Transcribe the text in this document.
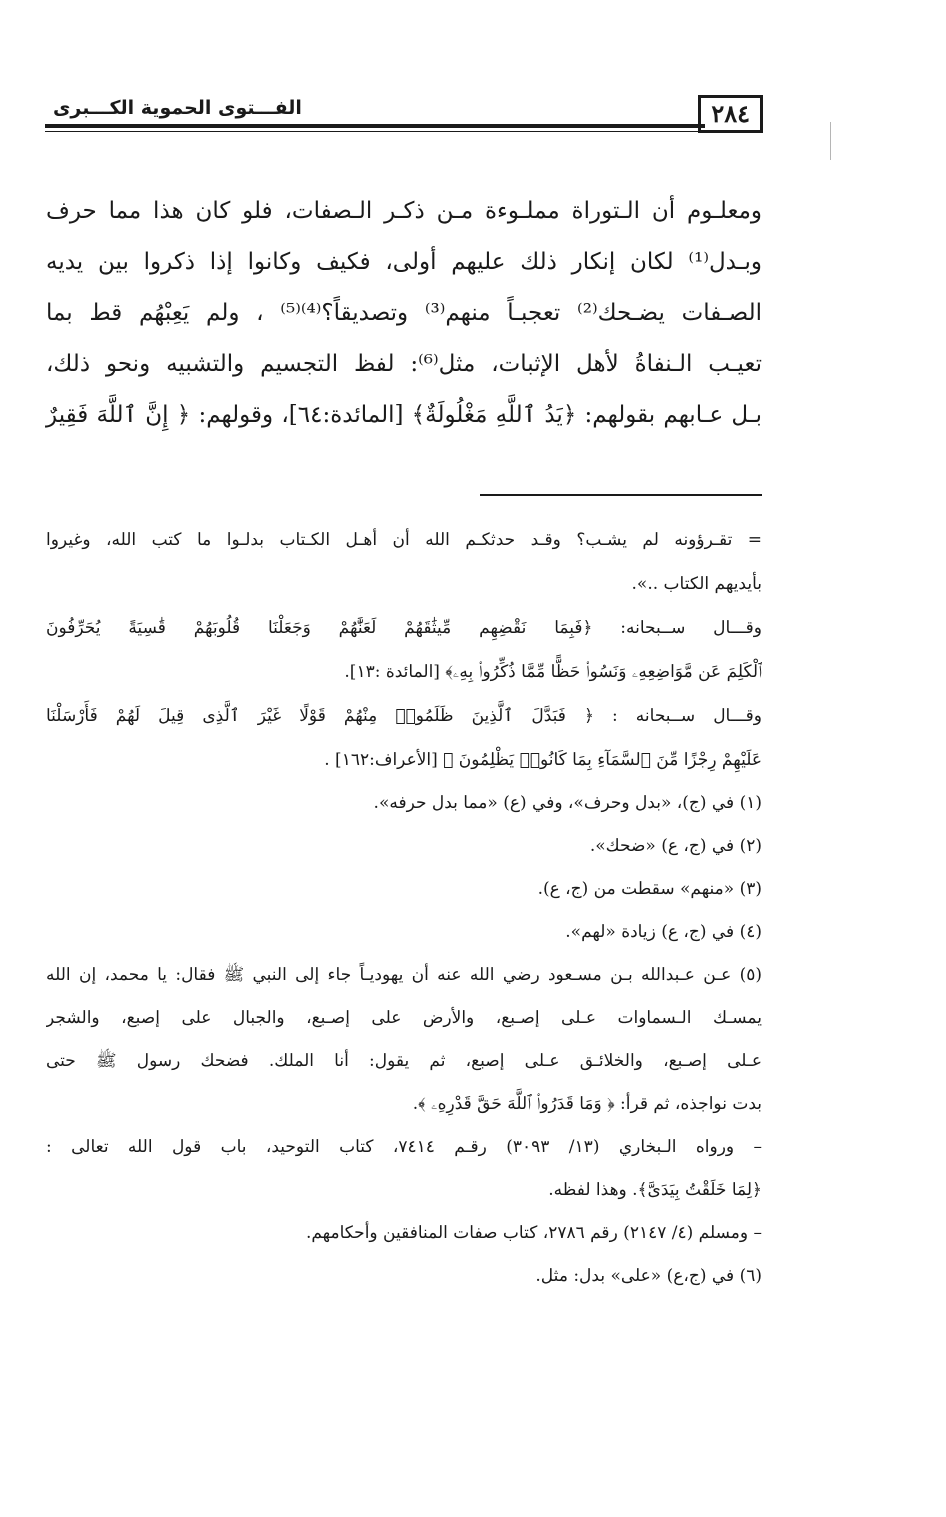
٢٨٤
الفـــتوى الحموية الكـــبرى
ومعلـوم أن الـتوراة مملـوءة مـن ذكـر الـصفات، فلو كان هذا مما حرف
وبـدل⁽¹⁾ لكان إنكار ذلك عليهم أولى، فكيف وكانوا إذا ذكروا بين يديه
الصـفات يضـحك⁽²⁾ تعجبـاً منهم⁽³⁾ وتصديقاً؟⁽⁴⁾⁽⁵⁾ ، ولم يَعِبْهُم قط بما
تعيـب الـنفاةُ لأهل الإثبات، مثل⁽⁶⁾: لفظ التجسيم والتشبيه ونحو ذلك،
بـل عـابهم بقولهم: ﴿يَدُ ٱللَّهِ مَغْلُولَةٌ﴾ [المائدة:٦٤]، وقولهم: ﴿ إِنَّ ٱللَّهَ فَقِيرٌ
= تقـرؤونه لم يشـب؟ وقـد حدثكـم الله أن أهـل الكـتاب بدلـوا ما كتب الله، وغيروا
بأيديهم الكتاب ..».
وقـــال ســبحانه: ﴿فَبِمَا نَقْضِهِم مِّيثَٰقَهُمْ لَعَنَّٰهُمْ وَجَعَلْنَا قُلُوبَهُمْ قَٰسِيَةً يُحَرِّفُونَ
ٱلْكَلِمَ عَن مَّوَاضِعِهِۦ وَنَسُوا۟ حَظًّا مِّمَّا ذُكِّرُوا۟ بِهِۦ﴾ [المائدة :١٣].
وقـــال ســبحانه : ﴿ فَبَدَّلَ ٱلَّذِينَ ظَلَمُوا۟ مِنْهُمْ قَوْلًا غَيْرَ ٱلَّذِى قِيلَ لَهُمْ فَأَرْسَلْنَا
عَلَيْهِمْ رِجْزًا مِّنَ ٱلسَّمَآءِ بِمَا كَانُوا۟ يَظْلِمُونَ ﴾ [الأعراف:١٦٢] .
(١) في (ج)، «بدل وحرف»، وفي (ع) «مما بدل حرفه».
(٢) في (ج، ع) «ضحك».
(٣) «منهم» سقطت من (ج، ع).
(٤) في (ج، ع) زيادة «لهم».
(٥) عـن عـبدالله بـن مسـعود رضي الله عنه أن يهوديـاً جاء إلى النبي ﷺ فقال: يا محمد، إن الله
يمسـك الـسماوات عـلى إصـبع، والأرض على إصـبع، والجبال على إصبع، والشجر
عـلى إصـبع، والخلائـق عـلى إصبع، ثم يقول: أنا الملك. فضحك رسول ﷺ حتى
بدت نواجذه، ثم قرأ: ﴿ وَمَا قَدَرُوا۟ ٱللَّهَ حَقَّ قَدْرِهِۦ ﴾.
– ورواه الـبخاري (١٣/ ٣٠٩٣) رقـم ٧٤١٤، كتاب التوحيد، باب قول الله تعالى :
﴿لِمَا خَلَقْتُ بِيَدَىَّ﴾. وهذا لفظه.
– ومسلم (٤/ ٢١٤٧) رقم ٢٧٨٦، كتاب صفات المنافقين وأحكامهم.
(٦) في (ج،ع) «على» بدل: مثل.
